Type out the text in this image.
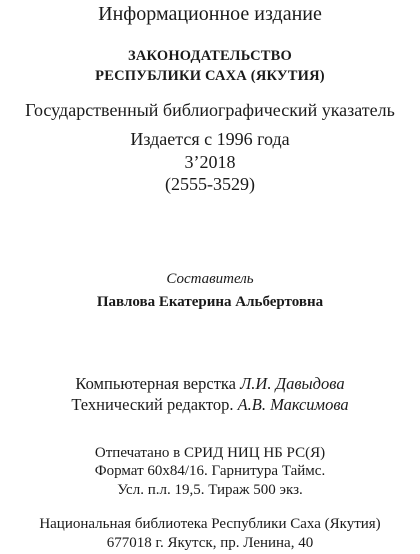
Информационное издание
ЗАКОНОДАТЕЛЬСТВО
РЕСПУБЛИКИ САХА (ЯКУТИЯ)
Государственный библиографический указатель
Издается с 1996 года
3’2018
(2555-3529)
Составитель
Павлова Екатерина Альбертовна
Компьютерная верстка Л.И. Давыдова
Технический редактор. А.В. Максимова
Отпечатано в СРИД НИЦ НБ РС(Я)
Формат 60х84/16. Гарнитура Таймс.
Усл. п.л. 19,5. Тираж 500 экз.
Национальная библиотека Республики Саха (Якутия)
677018 г. Якутск, пр. Ленина, 40
